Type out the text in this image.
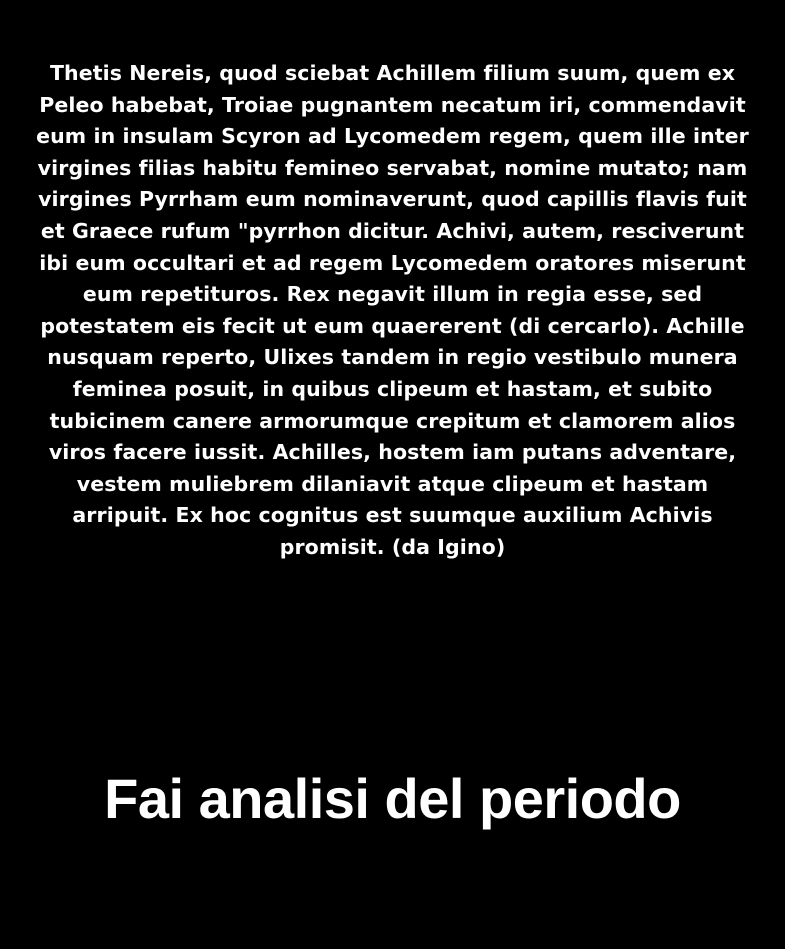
Thetis Nereis, quod sciebat Achillem filium suum, quem ex Peleo habebat, Troiae pugnantem necatum iri, commendavit eum in insulam Scyron ad Lycomedem regem, quem ille inter virgines filias habitu femineo servabat, nomine mutato; nam virgines Pyrrham eum nominaverunt, quod capillis flavis fuit et Graece rufum "pyrrhon dicitur. Achivi, autem, resciverunt ibi eum occultari et ad regem Lycomedem oratores miserunt eum repetituros. Rex negavit illum in regia esse, sed potestatem eis fecit ut eum quaererent (di cercarlo). Achille nusquam reperto, Ulixes tandem in regio vestibulo munera feminea posuit, in quibus clipeum et hastam, et subito tubicinem canere armorumque crepitum et clamorem alios viros facere iussit. Achilles, hostem iam putans adventare, vestem muliebrem dilaniavit atque clipeum et hastam arripuit. Ex hoc cognitus est suumque auxilium Achivis promisit. (da Igino)

Fai analisi del periodo
